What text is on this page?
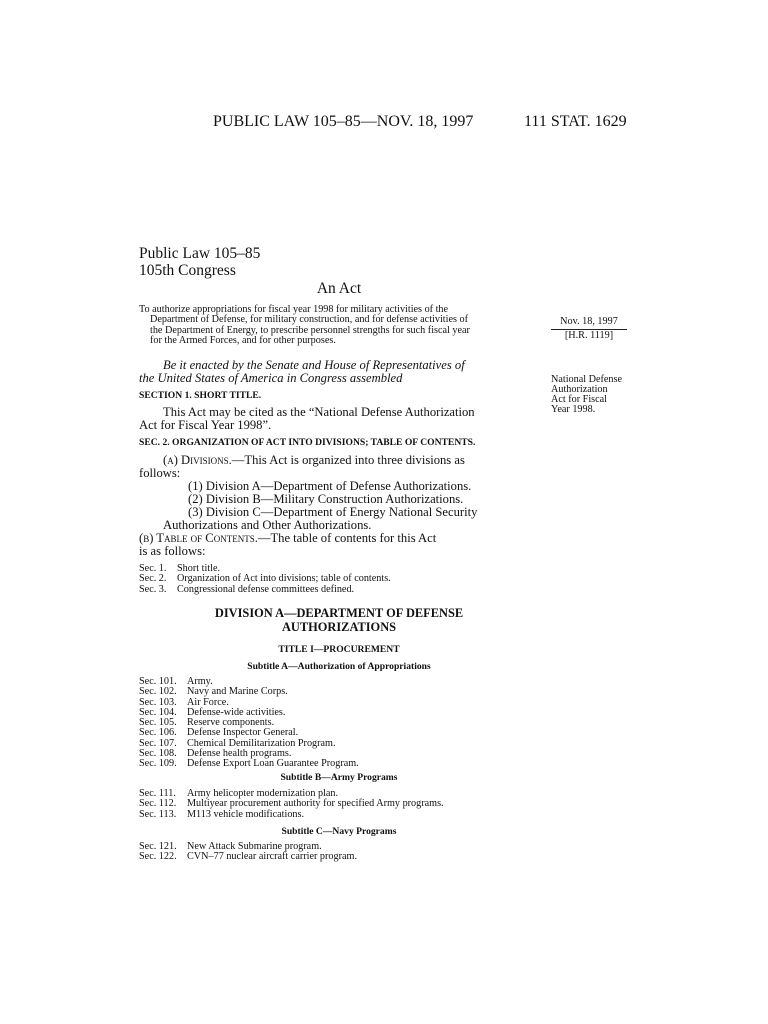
PUBLIC LAW 105–85—NOV. 18, 1997	111 STAT. 1629
Public Law 105–85
105th Congress
An Act
To authorize appropriations for fiscal year 1998 for military activities of the
Department of Defense, for military construction, and for defense activities of
the Department of Energy, to prescribe personnel strengths for such fiscal year
for the Armed Forces, and for other purposes.
Nov. 18, 1997
[H.R. 1119]
National Defense
Authorization
Act for Fiscal
Year 1998.
Be it enacted by the Senate and House of Representatives of
the United States of America in Congress assembled
SECTION 1. SHORT TITLE.
This Act may be cited as the “National Defense Authorization
Act for Fiscal Year 1998”.
SEC. 2. ORGANIZATION OF ACT INTO DIVISIONS; TABLE OF CONTENTS.
(a) Divisions.—This Act is organized into three divisions as
follows:
(1) Division A—Department of Defense Authorizations.
(2) Division B—Military Construction Authorizations.
(3) Division C—Department of Energy National Security
Authorizations and Other Authorizations.
(b) Table of Contents.—The table of contents for this Act
is as follows:
Sec. 1. Short title.
Sec. 2. Organization of Act into divisions; table of contents.
Sec. 3. Congressional defense committees defined.
DIVISION A—DEPARTMENT OF DEFENSE
AUTHORIZATIONS
TITLE I—PROCUREMENT
Subtitle A—Authorization of Appropriations
Sec. 101. Army.
Sec. 102. Navy and Marine Corps.
Sec. 103. Air Force.
Sec. 104. Defense-wide activities.
Sec. 105. Reserve components.
Sec. 106. Defense Inspector General.
Sec. 107. Chemical Demilitarization Program.
Sec. 108. Defense health programs.
Sec. 109. Defense Export Loan Guarantee Program.
Subtitle B—Army Programs
Sec. 111. Army helicopter modernization plan.
Sec. 112. Multiyear procurement authority for specified Army programs.
Sec. 113. M113 vehicle modifications.
Subtitle C—Navy Programs
Sec. 121. New Attack Submarine program.
Sec. 122. CVN–77 nuclear aircraft carrier program.
